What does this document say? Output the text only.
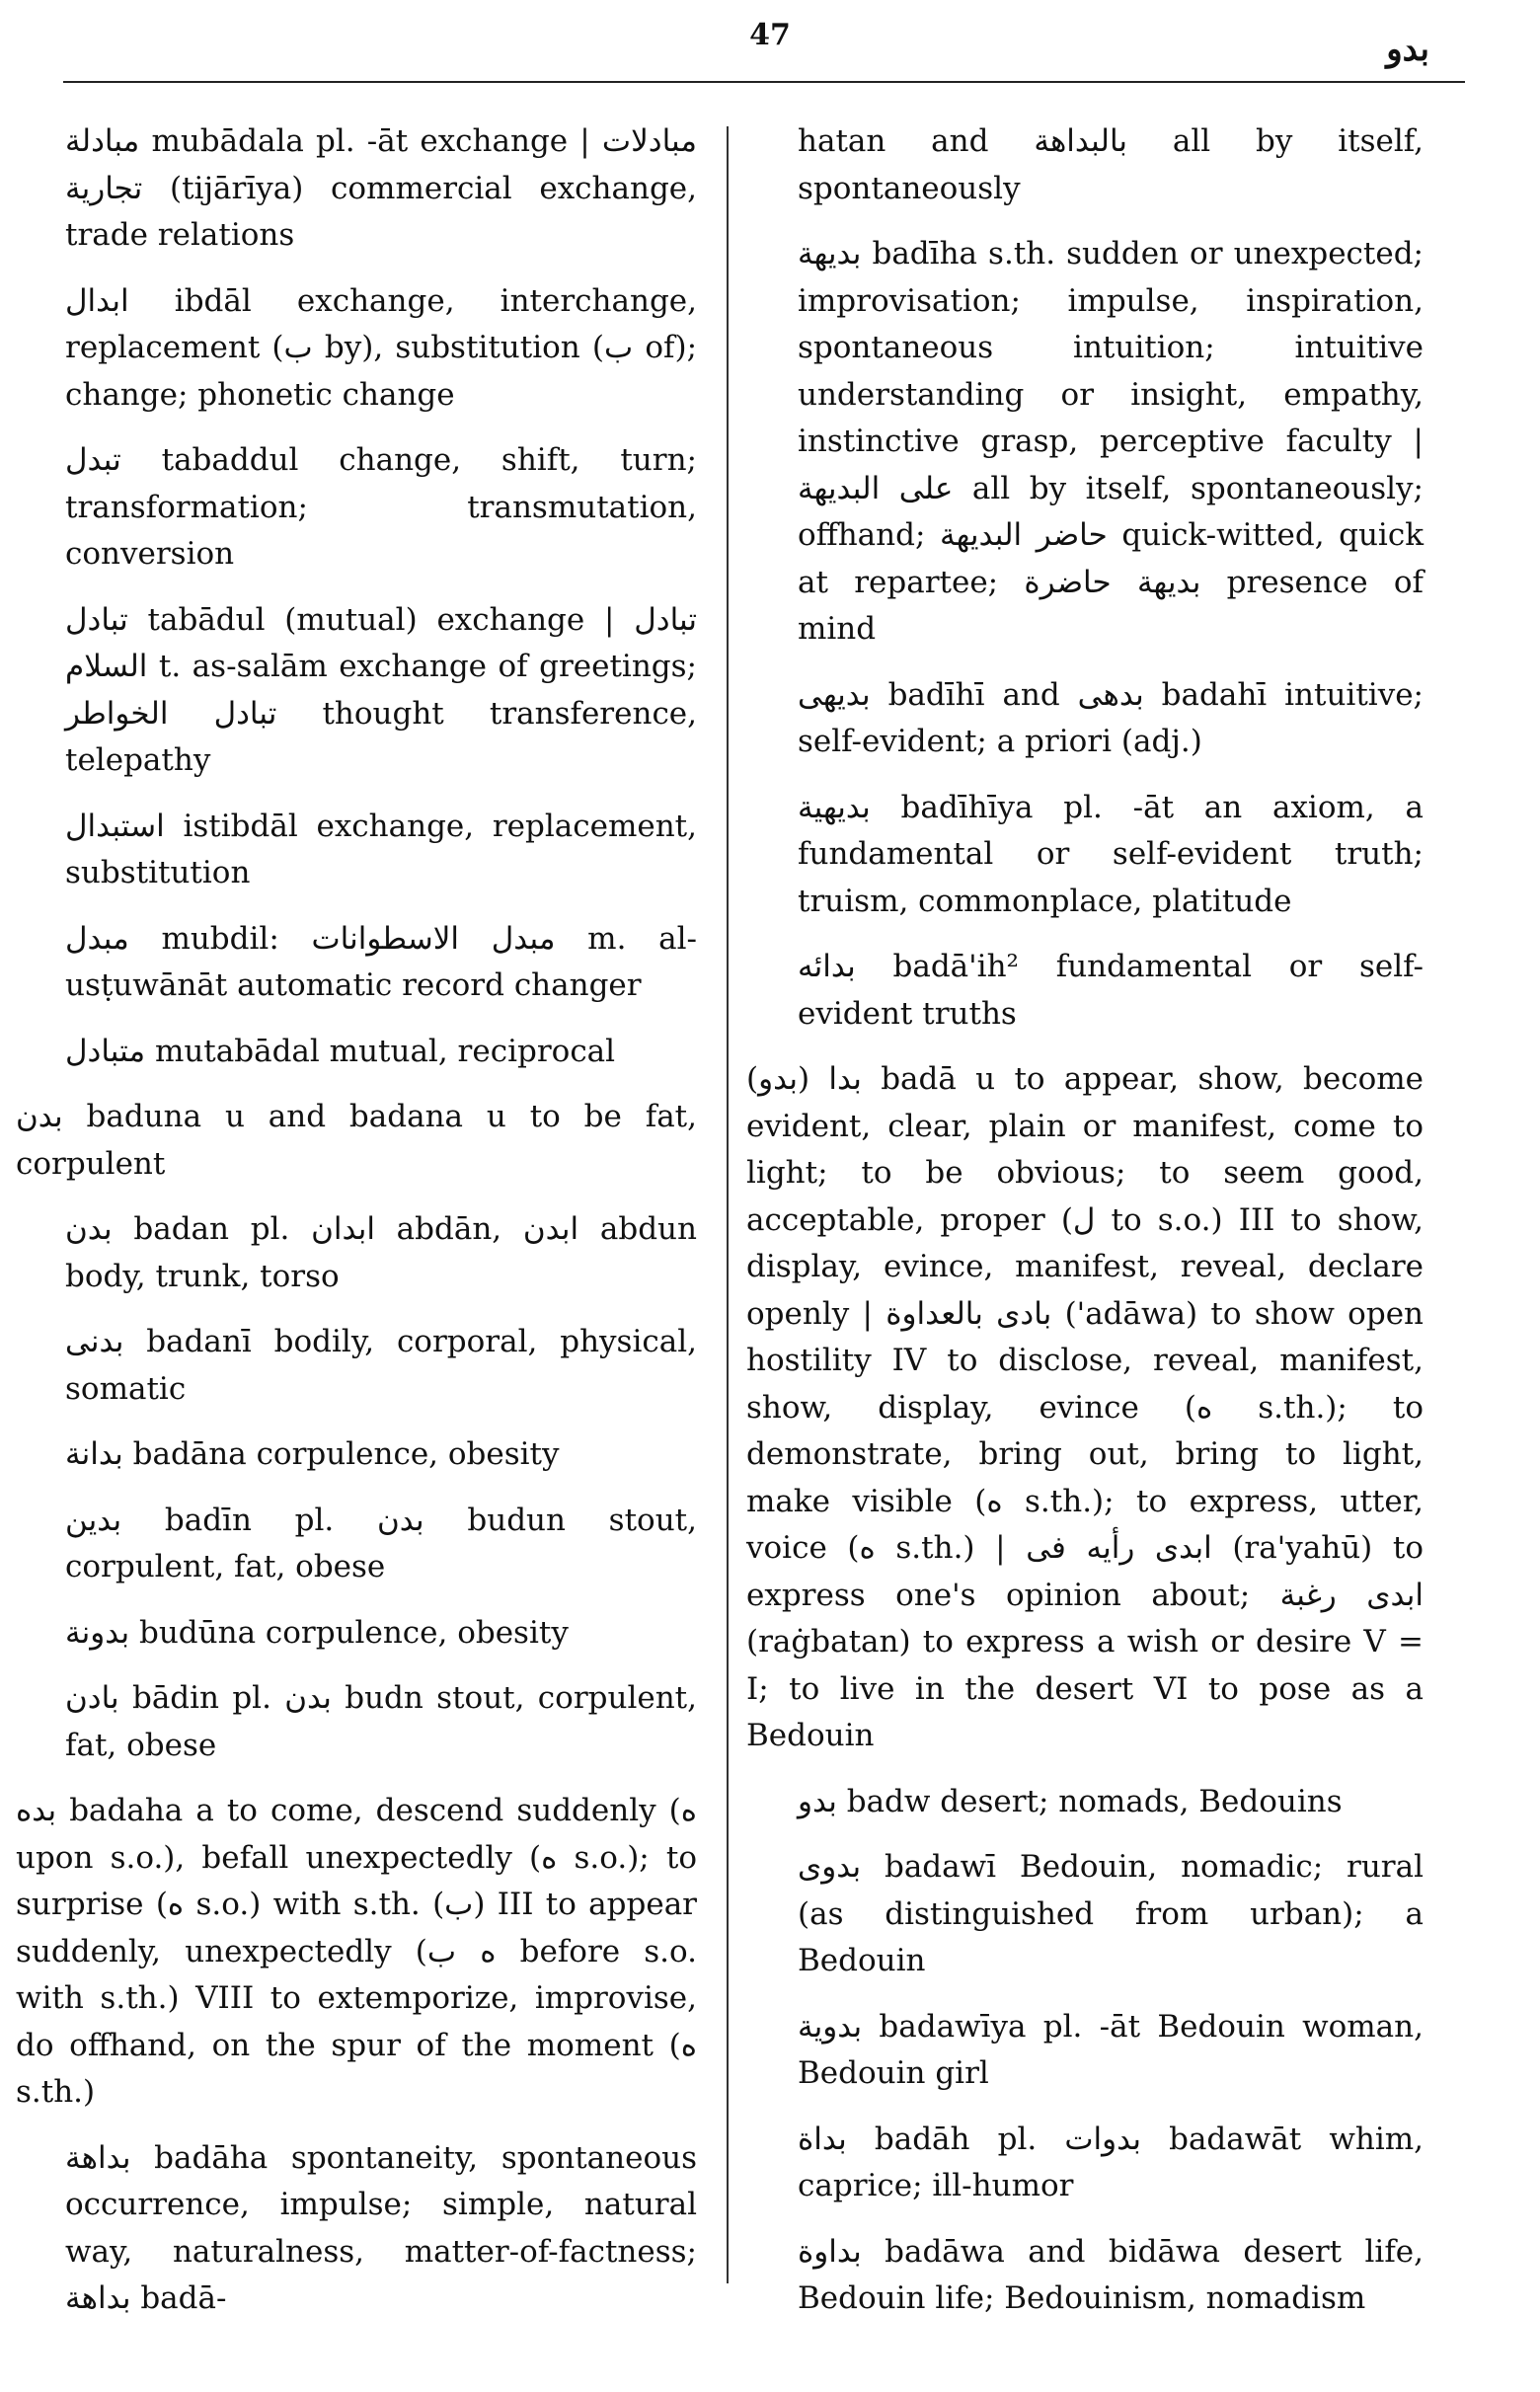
47	بدو

مبادلة mubādala pl. -āt exchange | مبادلات تجارية (tijārīya) commercial exchange, trade relations

ابدال ibdāl exchange, interchange, replacement (ب by), substitution (ب of); change; phonetic change

تبدل tabaddul change, shift, turn; transformation; transmutation, conversion

تبادل tabādul (mutual) exchange | تبادل السلام t. as-salām exchange of greetings; تبادل الخواطر thought transference, telepathy

استبدال istibdāl exchange, replacement, substitution

مبدل mubdil: مبدل الاسطوانات m. al-usṭuwānāt automatic record changer

متبادل mutabādal mutual, reciprocal

بدن baduna u and badana u to be fat, corpulent

بدن badan pl. ابدان abdān, ابدن abdun body, trunk, torso

بدنى badanī bodily, corporal, physical, somatic

بدانة badāna corpulence, obesity

بدين badīn pl. بدن budun stout, corpulent, fat, obese

بدونة budūna corpulence, obesity

بادن bādin pl. بدن budn stout, corpulent, fat, obese

بده badaha a to come, descend suddenly (ه upon s.o.), befall unexpectedly (ه s.o.); to surprise (ه s.o.) with s.th. (ب) III to appear suddenly, unexpectedly (ه ب before s.o. with s.th.) VIII to extemporize, improvise, do offhand, on the spur of the moment (ه s.th.)

بداهة badāha spontaneity, spontaneous occurrence, impulse; simple, natural way, naturalness, matter-of-factness; بداهة badā-

hatan and بالبداهة all by itself, spontaneously

بديهة badīha s.th. sudden or unexpected; improvisation; impulse, inspiration, spontaneous intuition; intuitive understanding or insight, empathy, instinctive grasp, perceptive faculty | على البديهة all by itself, spontaneously; offhand; حاضر البديهة quick-witted, quick at repartee; بديهة حاضرة presence of mind

بديهى badīhī and بدهى badahī intuitive; self-evident; a priori (adj.)

بديهية badīhīya pl. -āt an axiom, a fundamental or self-evident truth; truism, commonplace, platitude

بدائه badā'ih² fundamental or self-evident truths

(بدو) بدا badā u to appear, show, become evident, clear, plain or manifest, come to light; to be obvious; to seem good, acceptable, proper (ل to s.o.) III to show, display, evince, manifest, reveal, declare openly | بادى بالعداوة ('adāwa) to show open hostility IV to disclose, reveal, manifest, show, display, evince (ه s.th.); to demonstrate, bring out, bring to light, make visible (ه s.th.); to express, utter, voice (ه s.th.) | ابدى رأيه فى (ra'yahū) to express one's opinion about; ابدى رغبة (raġbatan) to express a wish or desire V = I; to live in the desert VI to pose as a Bedouin

بدو badw desert; nomads, Bedouins

بدوى badawī Bedouin, nomadic; rural (as distinguished from urban); a Bedouin

بدوية badawīya pl. -āt Bedouin woman, Bedouin girl

بداة badāh pl. بدوات badawāt whim, caprice; ill-humor

بداوة badāwa and bidāwa desert life, Bedouin life; Bedouinism, nomadism
